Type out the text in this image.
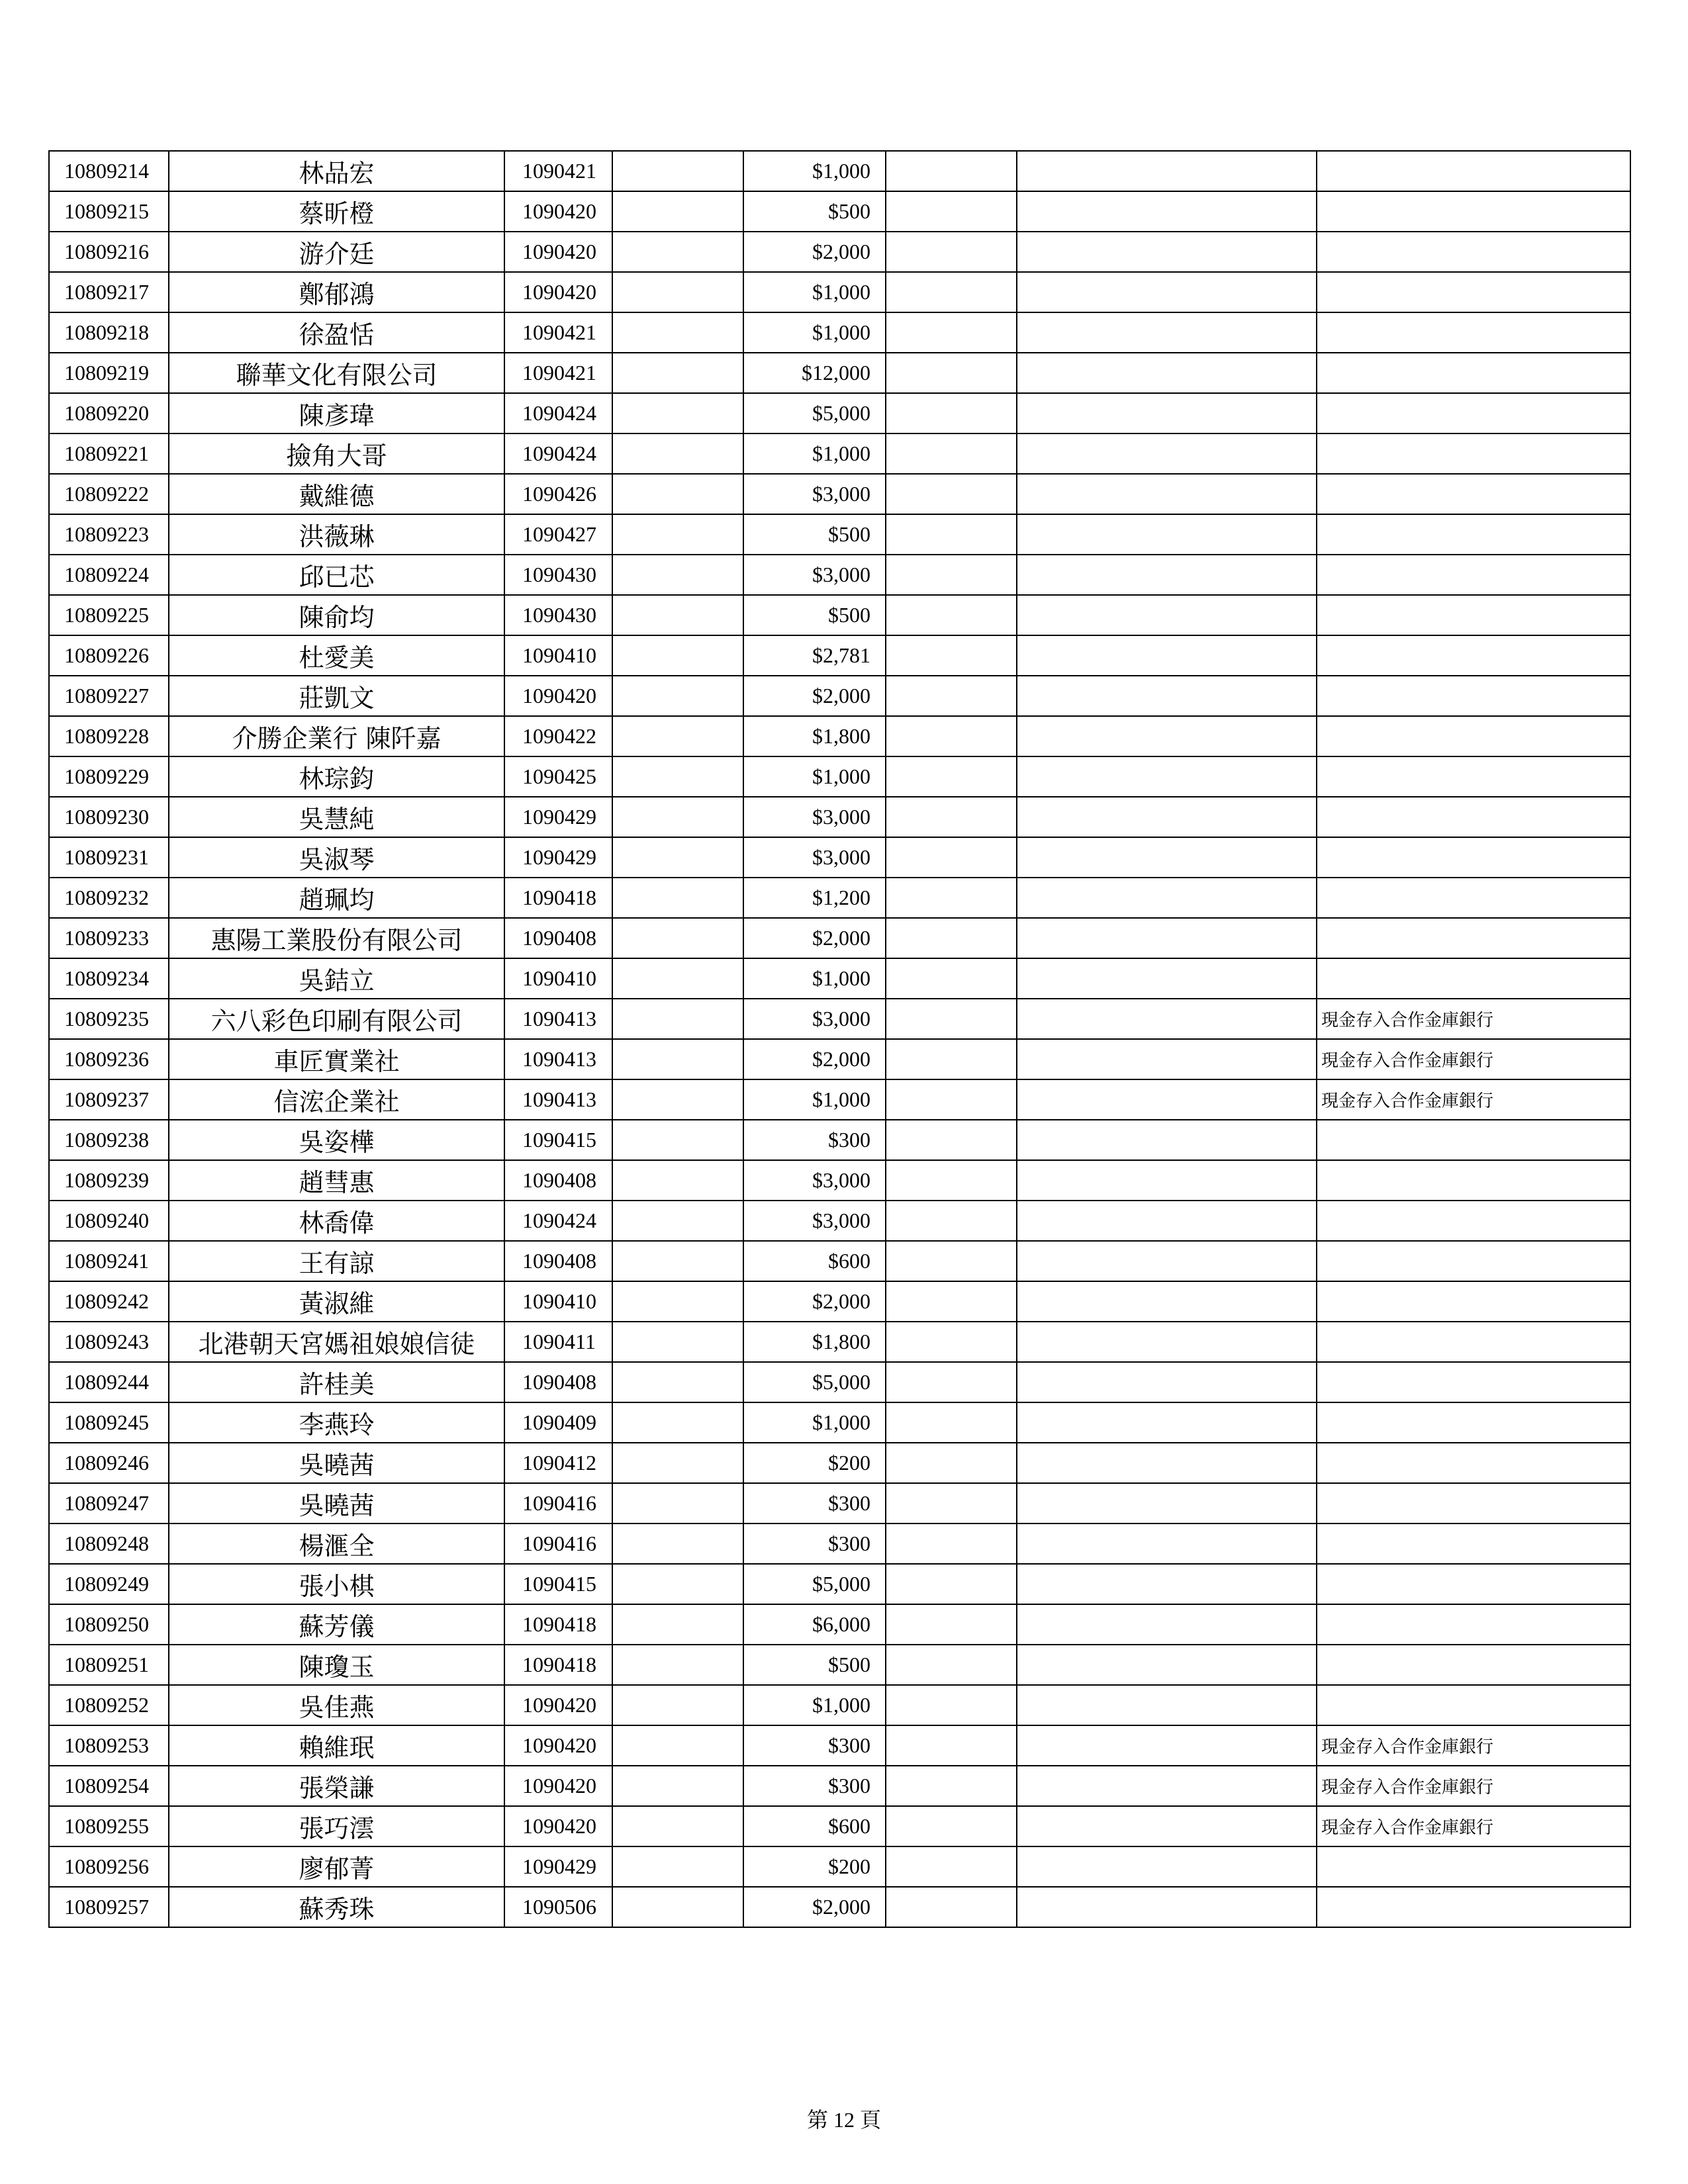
10809214	林品宏	1090421		$1,000			
10809215	蔡昕橙	1090420		$500			
10809216	游介廷	1090420		$2,000			
10809217	鄭郁鴻	1090420		$1,000			
10809218	徐盈恬	1090421		$1,000			
10809219	聯華文化有限公司	1090421		$12,000			
10809220	陳彥瑋	1090424		$5,000			
10809221	撿角大哥	1090424		$1,000			
10809222	戴維德	1090426		$3,000			
10809223	洪薇琳	1090427		$500			
10809224	邱已芯	1090430		$3,000			
10809225	陳俞均	1090430		$500			
10809226	杜愛美	1090410		$2,781			
10809227	莊凱文	1090420		$2,000			
10809228	介勝企業行 陳阡嘉	1090422		$1,800			
10809229	林琮鈞	1090425		$1,000			
10809230	吳慧純	1090429		$3,000			
10809231	吳淑琴	1090429		$3,000			
10809232	趙珮均	1090418		$1,200			
10809233	惠陽工業股份有限公司	1090408		$2,000			
10809234	吳銡立	1090410		$1,000			
10809235	六八彩色印刷有限公司	1090413		$3,000			現金存入合作金庫銀行
10809236	車匠實業社	1090413		$2,000			現金存入合作金庫銀行
10809237	信浤企業社	1090413		$1,000			現金存入合作金庫銀行
10809238	吳姿樺	1090415		$300			
10809239	趙彗惠	1090408		$3,000			
10809240	林喬偉	1090424		$3,000			
10809241	王有諒	1090408		$600			
10809242	黃淑維	1090410		$2,000			
10809243	北港朝天宮媽祖娘娘信徒	1090411		$1,800			
10809244	許桂美	1090408		$5,000			
10809245	李燕玲	1090409		$1,000			
10809246	吳曉茜	1090412		$200			
10809247	吳曉茜	1090416		$300			
10809248	楊滙全	1090416		$300			
10809249	張小棋	1090415		$5,000			
10809250	蘇芳儀	1090418		$6,000			
10809251	陳瓊玉	1090418		$500			
10809252	吳佳燕	1090420		$1,000			
10809253	賴維珉	1090420		$300			現金存入合作金庫銀行
10809254	張榮謙	1090420		$300			現金存入合作金庫銀行
10809255	張巧澐	1090420		$600			現金存入合作金庫銀行
10809256	廖郁菁	1090429		$200			
10809257	蘇秀珠	1090506		$2,000			
第 12 頁
